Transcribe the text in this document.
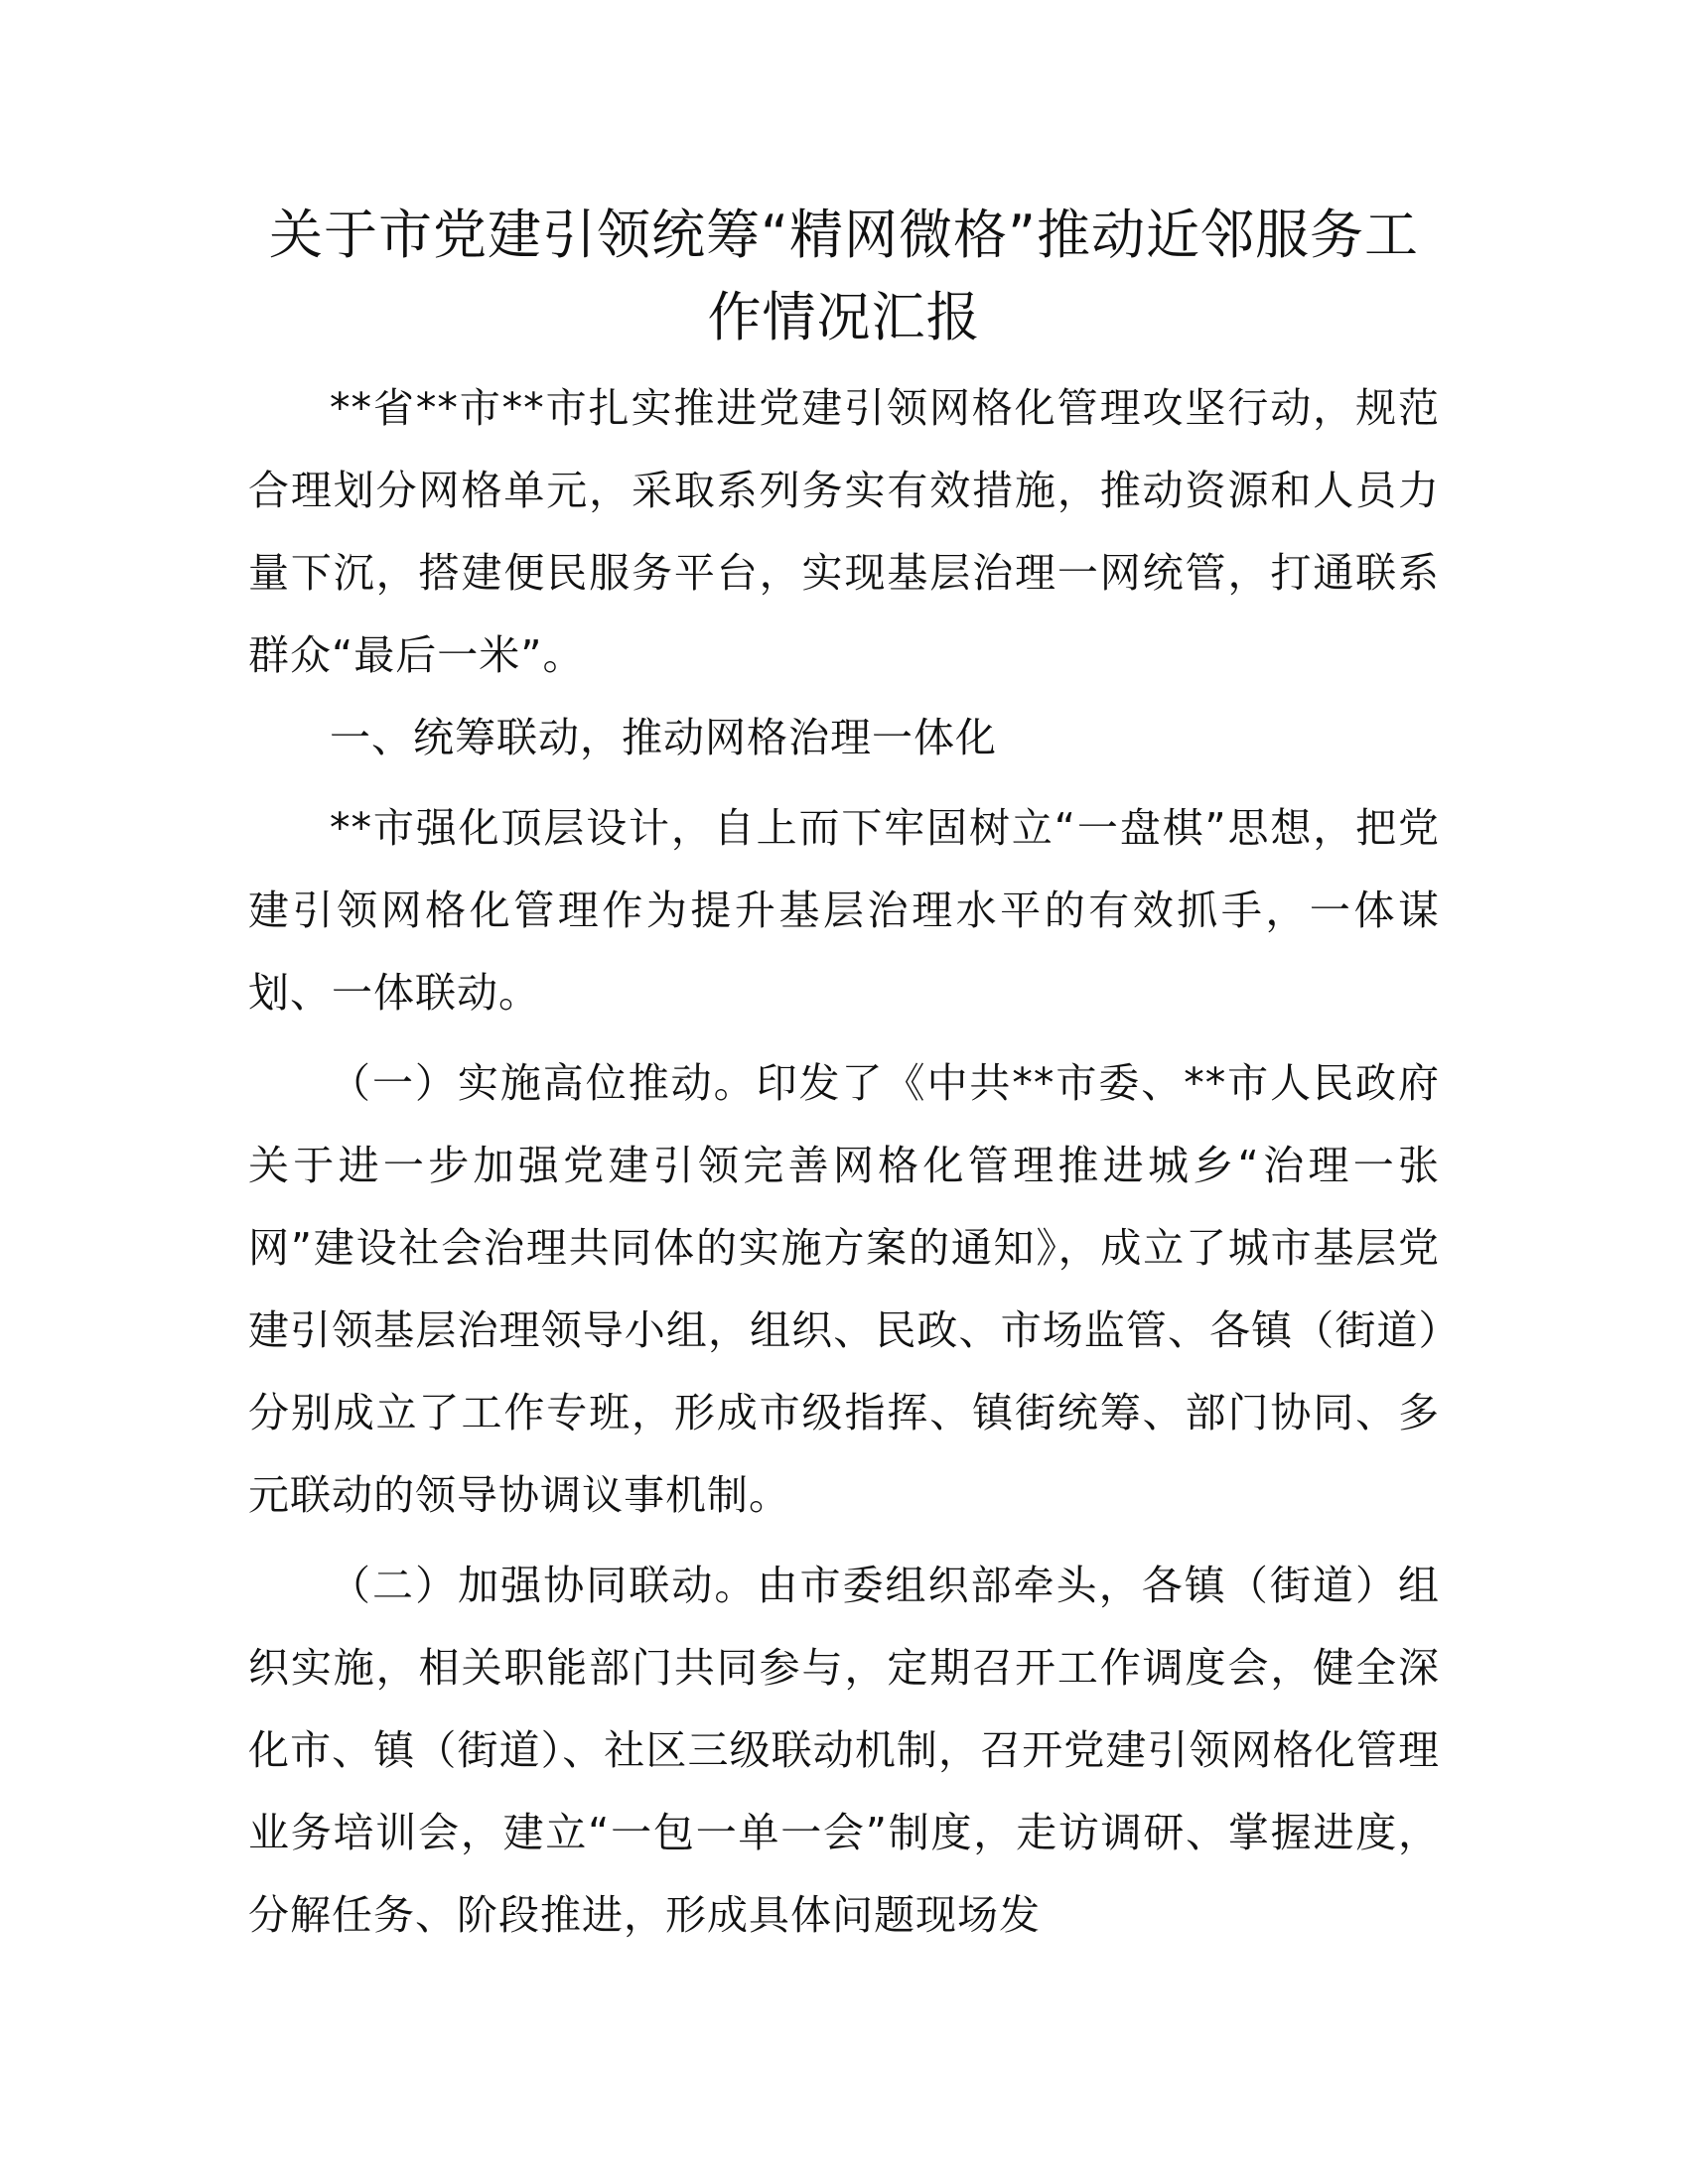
关于市党建引领统筹“精网微格”推动近邻服务工作情况汇报

**省**市**市扎实推进党建引领网格化管理攻坚行动，规范合理划分网格单元，采取系列务实有效措施，推动资源和人员力量下沉，搭建便民服务平台，实现基层治理一网统管，打通联系群众“最后一米”。

一、统筹联动，推动网格治理一体化

**市强化顶层设计，自上而下牢固树立“一盘棋”思想，把党建引领网格化管理作为提升基层治理水平的有效抓手，一体谋划、一体联动。

（一）实施高位推动。印发了《中共**市委、**市人民政府关于进一步加强党建引领完善网格化管理推进城乡“治理一张网”建设社会治理共同体的实施方案的通知》，成立了城市基层党建引领基层治理领导小组，组织、民政、市场监管、各镇（街道）分别成立了工作专班，形成市级指挥、镇街统筹、部门协同、多元联动的领导协调议事机制。

（二）加强协同联动。由市委组织部牵头，各镇（街道）组织实施，相关职能部门共同参与，定期召开工作调度会，健全深化市、镇（街道）、社区三级联动机制，召开党建引领网格化管理业务培训会，建立“一包一单一会”制度，走访调研、掌握进度，分解任务、阶段推进，形成具体问题现场发
